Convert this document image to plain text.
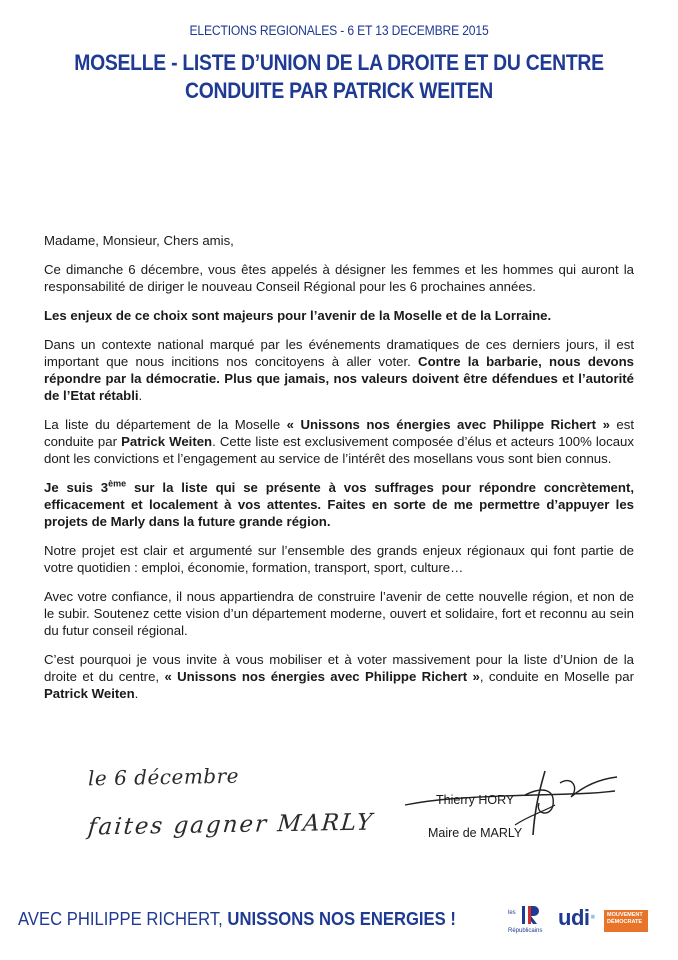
ELECTIONS REGIONALES - 6 ET 13 DECEMBRE 2015
MOSELLE - LISTE D’UNION DE LA DROITE ET DU CENTRE
CONDUITE PAR PATRICK WEITEN

Madame, Monsieur, Chers amis,

Ce dimanche 6 décembre, vous êtes appelés à désigner les femmes et les hommes qui auront la responsabilité de diriger le nouveau Conseil Régional pour les 6 prochaines années.

Les enjeux de ce choix sont majeurs pour l’avenir de la Moselle et de la Lorraine.

Dans un contexte national marqué par les événements dramatiques de ces derniers jours, il est important que nous incitions nos concitoyens à aller voter. Contre la barbarie, nous devons répondre par la démocratie. Plus que jamais, nos valeurs doivent être défendues et l’autorité de l’Etat rétabli.

La liste du département de la Moselle « Unissons nos énergies avec Philippe Richert » est conduite par Patrick Weiten. Cette liste est exclusivement composée d’élus et acteurs 100% locaux dont les convictions et l’engagement au service de l’intérêt des mosellans vous sont bien connus.

Je suis 3ème sur la liste qui se présente à vos suffrages pour répondre concrètement, efficacement et localement à vos attentes. Faites en sorte de me permettre d’appuyer les projets de Marly dans la future grande région.

Notre projet est clair et argumenté sur l’ensemble des grands enjeux régionaux qui font partie de votre quotidien : emploi, économie, formation, transport, sport, culture…

Avec votre confiance, il nous appartiendra de construire l’avenir de cette nouvelle région, et non de le subir. Soutenez cette vision d’un département moderne, ouvert et solidaire, fort et reconnu au sein du futur conseil régional.

C’est pourquoi je vous invite à vous mobiliser et à voter massivement pour la liste d’Union de la droite et du centre, « Unissons nos énergies avec Philippe Richert », conduite en Moselle par Patrick Weiten.

le 6 décembre
faites gagner MARLY
Thierry HORY
Maire de MARLY
AVEC PHILIPPE RICHERT, UNISSONS NOS ENERGIES !	les
Républicains
udi·	MOUVEMENT DÉMOCRATE
